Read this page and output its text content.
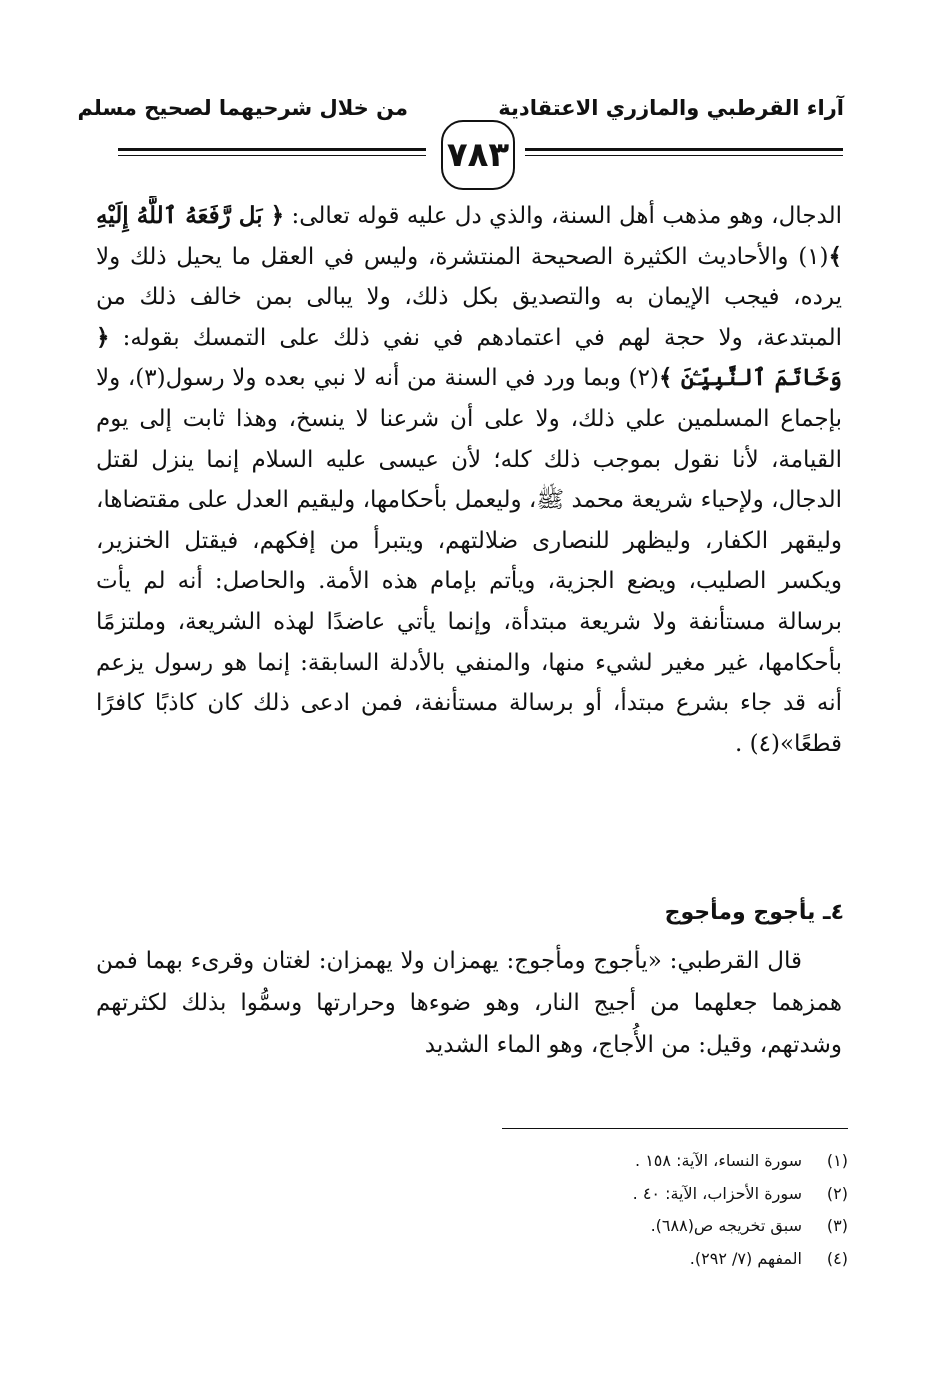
آراء القرطبي والمازري الاعتقادية
من خلال شرحيهما لصحيح مسلم
٧٨٣
الدجال، وهو مذهب أهل السنة، والذي دل عليه قوله تعالى: ﴿ بَل رَّفَعَهُ ٱللَّهُ إِلَيْهِ ﴾(١) والأحاديث الكثيرة الصحيحة المنتشرة، وليس في العقل ما يحيل ذلك ولا يرده، فيجب الإيمان به والتصديق بكل ذلك، ولا يبالى بمن خالف ذلك من المبتدعة، ولا حجة لهم في اعتمادهم في نفي ذلك على التمسك بقوله: ﴿ وَخَاتَمَ ٱلنَّبِيِّـۧنَ ﴾(٢) وبما ورد في السنة من أنه لا نبي بعده ولا رسول(٣)، ولا بإجماع المسلمين علي ذلك، ولا على أن شرعنا لا ينسخ، وهذا ثابت إلى يوم القيامة، لأنا نقول بموجب ذلك كله؛ لأن عيسى عليه السلام إنما ينزل لقتل الدجال، ولإحياء شريعة محمد ﷺ، وليعمل بأحكامها، وليقيم العدل على مقتضاها، وليقهر الكفار، وليظهر للنصارى ضلالتهم، ويتبرأ من إفكهم، فيقتل الخنزير، ويكسر الصليب، ويضع الجزية، ويأتم بإمام هذه الأمة. والحاصل: أنه لم يأت برسالة مستأنفة ولا شريعة مبتدأة، وإنما يأتي عاضدًا لهذه الشريعة، وملتزمًا بأحكامها، غير مغير لشيء منها، والمنفي بالأدلة السابقة: إنما هو رسول يزعم أنه قد جاء بشرع مبتدأ، أو برسالة مستأنفة، فمن ادعى ذلك كان كاذبًا كافرًا قطعًا»(٤) .
٤ـ يأجوج ومأجوج
قال القرطبي: «يأجوج ومأجوج: يهمزان ولا يهمزان: لغتان وقرىء بهما فمن همزهما جعلهما من أجيج النار، وهو ضوءها وحرارتها وسمُّوا بذلك لكثرتهم وشدتهم، وقيل: من الأُجاج، وهو الماء الشديد
(١)
سورة النساء، الآية: ١٥٨ .
(٢)
سورة الأحزاب، الآية: ٤٠ .
(٣)
سبق تخريجه ص(٦٨٨).
(٤)
المفهم (٧/ ٢٩٢).
